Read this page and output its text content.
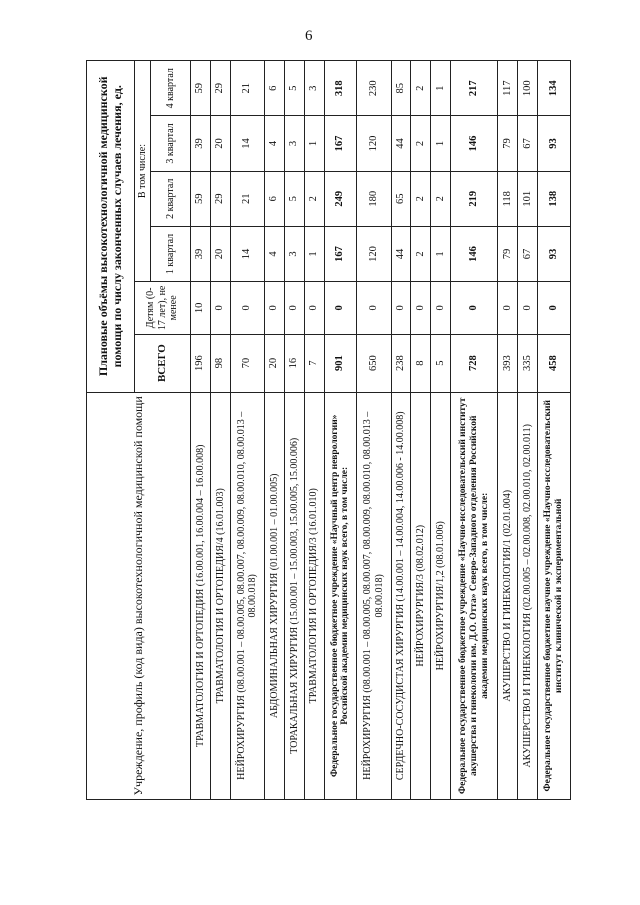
6
Учреждение, профиль (код вида) высокотехнологичной медицинской помощи	Плановые объёмы высокотехнологичной медицинской помощи по числу законченных случаев лечения, ед.					
	ВСЕГО	Детям (0-17 лет), не менее	В том числе:			
			1 квартал	2 квартал	3 квартал	4 квартал
ТРАВМАТОЛОГИЯ И ОРТОПЕДИЯ (16.00.001, 16.00.004 – 16.00.008)	196	10	39	59	39	59
ТРАВМАТОЛОГИЯ И ОРТОПЕДИЯ/4 (16.01.003)	98	0	20	29	20	29
НЕЙРОХИРУРГИЯ (08.00.001 – 08.00.005, 08.00.007, 08.00.009, 08.00.010, 08.00.013 – 08.00.018)	70	0	14	21	14	21
АБДОМИНАЛЬНАЯ ХИРУРГИЯ (01.00.001 – 01.00.005)	20	0	4	6	4	6
ТОРАКАЛЬНАЯ ХИРУРГИЯ (15.00.001 – 15.00.003, 15.00.005, 15.00.006)	16	0	3	5	3	5
ТРАВМАТОЛОГИЯ И ОРТОПЕДИЯ/3 (16.01.010)	7	0	1	2	1	3
Федеральное государственное бюджетное учреждение «Научный центр неврологии» Российской академии медицинских наук всего, в том числе:	901	0	167	249	167	318
НЕЙРОХИРУРГИЯ (08.00.001 – 08.00.005, 08.00.007, 08.00.009, 08.00.010, 08.00.013 – 08.00.018)	650	0	120	180	120	230
СЕРДЕЧНО-СОСУДИСТАЯ ХИРУРГИЯ (14.00.001 – 14.00.004, 14.00.006 - 14.00.008)	238	0	44	65	44	85
НЕЙРОХИРУРГИЯ/3 (08.02.012)	8	0	2	2	2	2
НЕЙРОХИРУРГИЯ/1,2 (08.01.006)	5	0	1	2	1	1
Федеральное государственное бюджетное учреждение «Научно-исследовательский институт акушерства и гинекологии им. Д.О. Отта» Северо-Западного отделения Российской академии медицинских наук всего, в том числе:	728	0	146	219	146	217
АКУШЕРСТВО И ГИНЕКОЛОГИЯ/1 (02.01.004)	393	0	79	118	79	117
АКУШЕРСТВО И ГИНЕКОЛОГИЯ (02.00.005 – 02.00.008, 02.00.010, 02.00.011)	335	0	67	101	67	100
Федеральное государственное бюджетное научное учреждение «Научно-исследовательский институт клинической и экспериментальной	458	0	93	138	93	134
